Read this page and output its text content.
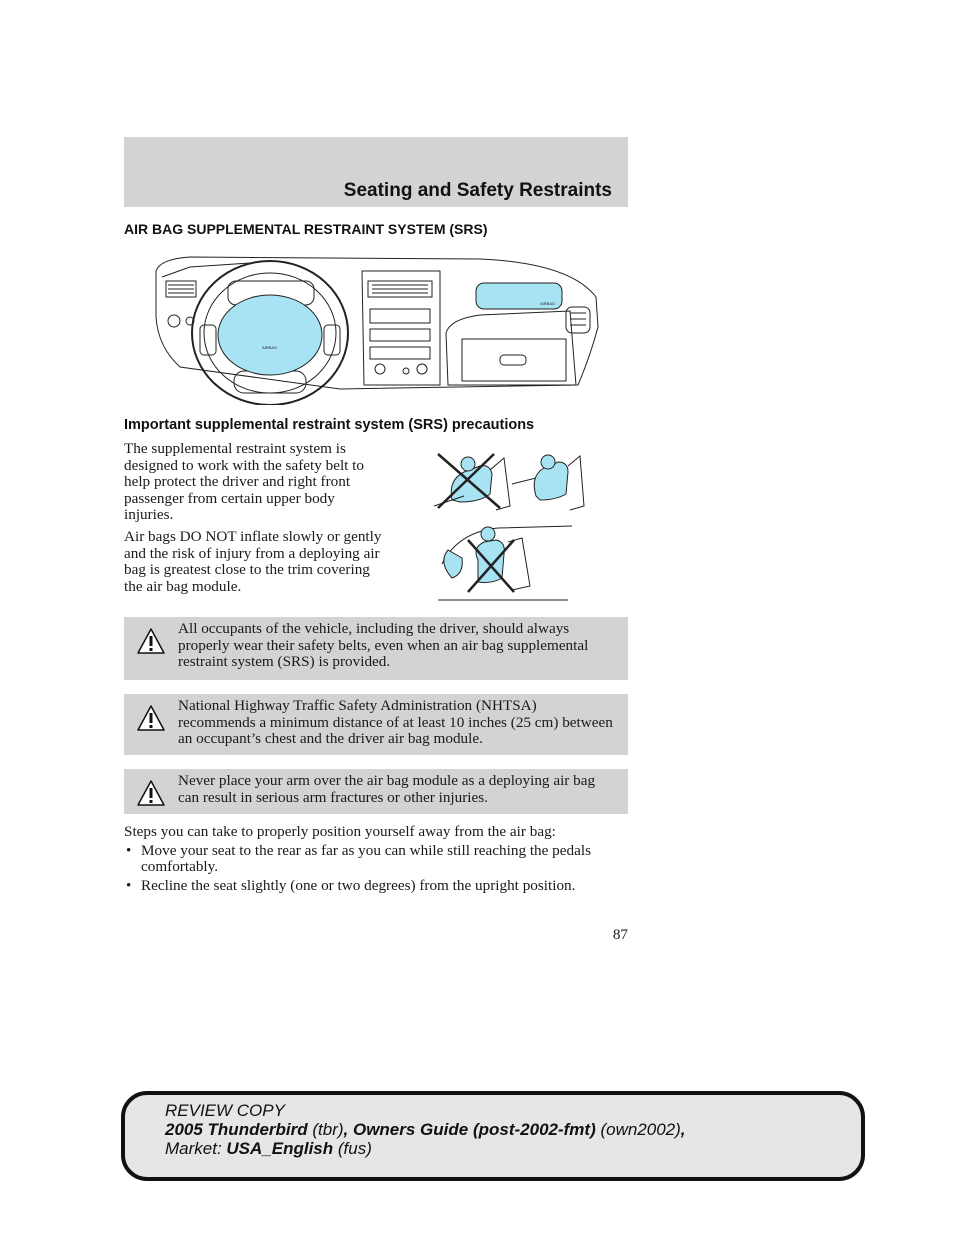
Seating and Safety Restraints
AIR BAG SUPPLEMENTAL RESTRAINT SYSTEM (SRS)
AIRBAG
AIRBAG
Important supplemental restraint system (SRS) precautions

The supplemental restraint system is designed to work with the safety belt to help protect the driver and right front passenger from certain upper body injuries.

Air bags DO NOT inflate slowly or gently and the risk of injury from a deploying air bag is greatest close to the trim covering the air bag module.

All occupants of the vehicle, including the driver, should always properly wear their safety belts, even when an air bag supplemental restraint system (SRS) is provided.

National Highway Traffic Safety Administration (NHTSA) recommends a minimum distance of at least 10 inches (25 cm) between an occupant’s chest and the driver air bag module.

Never place your arm over the air bag module as a deploying air bag can result in serious arm fractures or other injuries.

Steps you can take to properly position yourself away from the air bag:

• Move your seat to the rear as far as you can while still reaching the pedals comfortably.
• Recline the seat slightly (one or two degrees) from the upright position.
87
REVIEW COPY
2005 Thunderbird (tbr), Owners Guide (post-2002-fmt) (own2002),
Market: USA_English (fus)
